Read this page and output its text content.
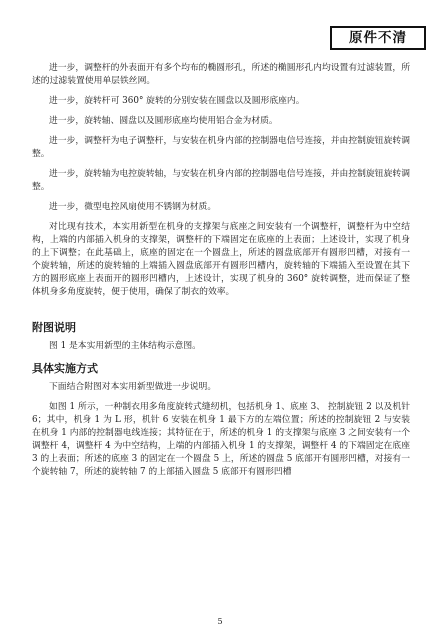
原件不清

进一步，调整杆的外表面开有多个均布的椭圆形孔，所述的椭圆形孔内均设置有过滤装置，所述的过滤装置使用单层铁丝网。

进一步，旋转杆可 360° 旋转的分别安装在圆盘以及圆形底座内。

进一步，旋转轴、圆盘以及圆形底座均使用铝合金为材质。

进一步，调整杆为电子调整杆，与安装在机身内部的控制器电信号连接，并由控制旋钮旋转调整。

进一步，旋转轴为电控旋转轴，与安装在机身内部的控制器电信号连接，并由控制旋钮旋转调整。

进一步，微型电控风扇使用不锈钢为材质。

对比现有技术，本实用新型在机身的支撑架与底座之间安装有一个调整杆，调整杆为中空结构，上端的内部插入机身的支撑架，调整杆的下端固定在底座的上表面；上述设计，实现了机身的上下调整；在此基础上，底座的固定在一个圆盘上，所述的圆盘底部开有圆形凹槽，对接有一个旋转轴，所述的旋转轴的上端插入圆盘底部开有圆形凹槽内，旋转轴的下端插入至设置在其下方的圆形底座上表面开的圆形凹槽内，上述设计，实现了机身的 360° 旋转调整，进而保证了整体机身多角度旋转，便于使用，确保了制衣的效率。

附图说明

图 1 是本实用新型的主体结构示意图。

具体实施方式

下面结合附图对本实用新型做进一步说明。

如图 1 所示，一种制衣用多角度旋转式缝纫机，包括机身 1、底座 3、 控制旋钮 2 以及机针 6；其中，机身 1 为 L 形，机针 6 安装在机身 1 最下方的左端位置；所述的控制旋钮 2 与安装在机身 1 内部的控制器电线连接；其特征在于，所述的机身 1 的支撑架与底座 3 之间安装有一个调整杆 4，调整杆 4 为中空结构，上端的内部插入机身 1 的支撑架，调整杆 4 的下端固定在底座 3 的上表面；所述的底座 3 的固定在一个圆盘 5 上，所述的圆盘 5 底部开有圆形凹槽，对接有一个旋转轴 7，所述的旋转轴 7 的上部插入圆盘 5 底部开有圆形凹槽

5
